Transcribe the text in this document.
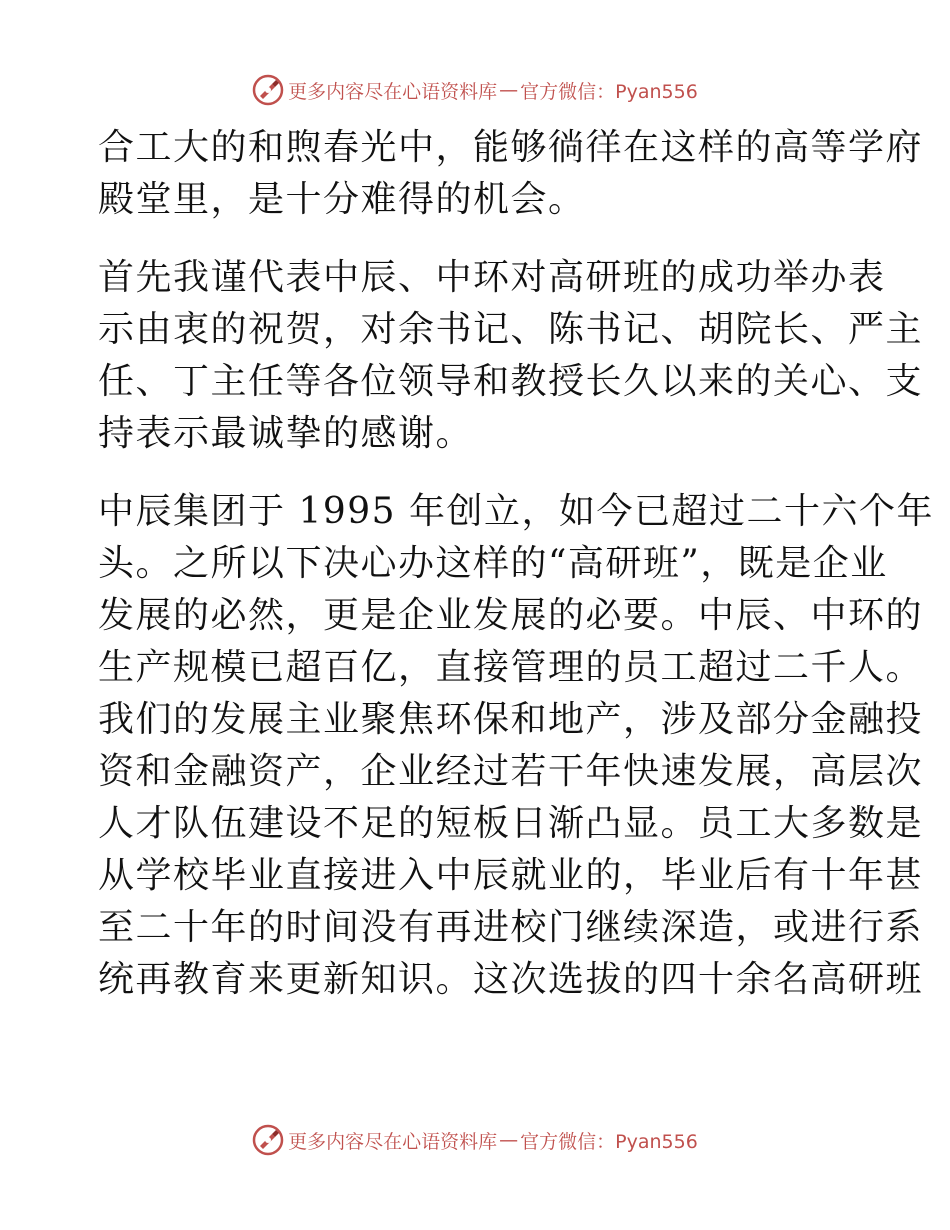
更多内容尽在心语资料库 — 官方微信：Pyan556
合工大的和煦春光中，能够徜徉在这样的高等学府
殿堂里，是十分难得的机会。
首先我谨代表中辰、中环对高研班的成功举办表
示由衷的祝贺，对余书记、陈书记、胡院长、严主
任、丁主任等各位领导和教授长久以来的关心、支
持表示最诚挚的感谢。
中辰集团于 1995 年创立，如今已超过二十六个年
头。之所以下决心办这样的“高研班”，既是企业
发展的必然，更是企业发展的必要。中辰、中环的
生产规模已超百亿，直接管理的员工超过二千人。
我们的发展主业聚焦环保和地产，涉及部分金融投
资和金融资产，企业经过若干年快速发展，高层次
人才队伍建设不足的短板日渐凸显。员工大多数是
从学校毕业直接进入中辰就业的，毕业后有十年甚
至二十年的时间没有再进校门继续深造，或进行系
统再教育来更新知识。这次选拔的四十余名高研班
更多内容尽在心语资料库 — 官方微信：Pyan556
